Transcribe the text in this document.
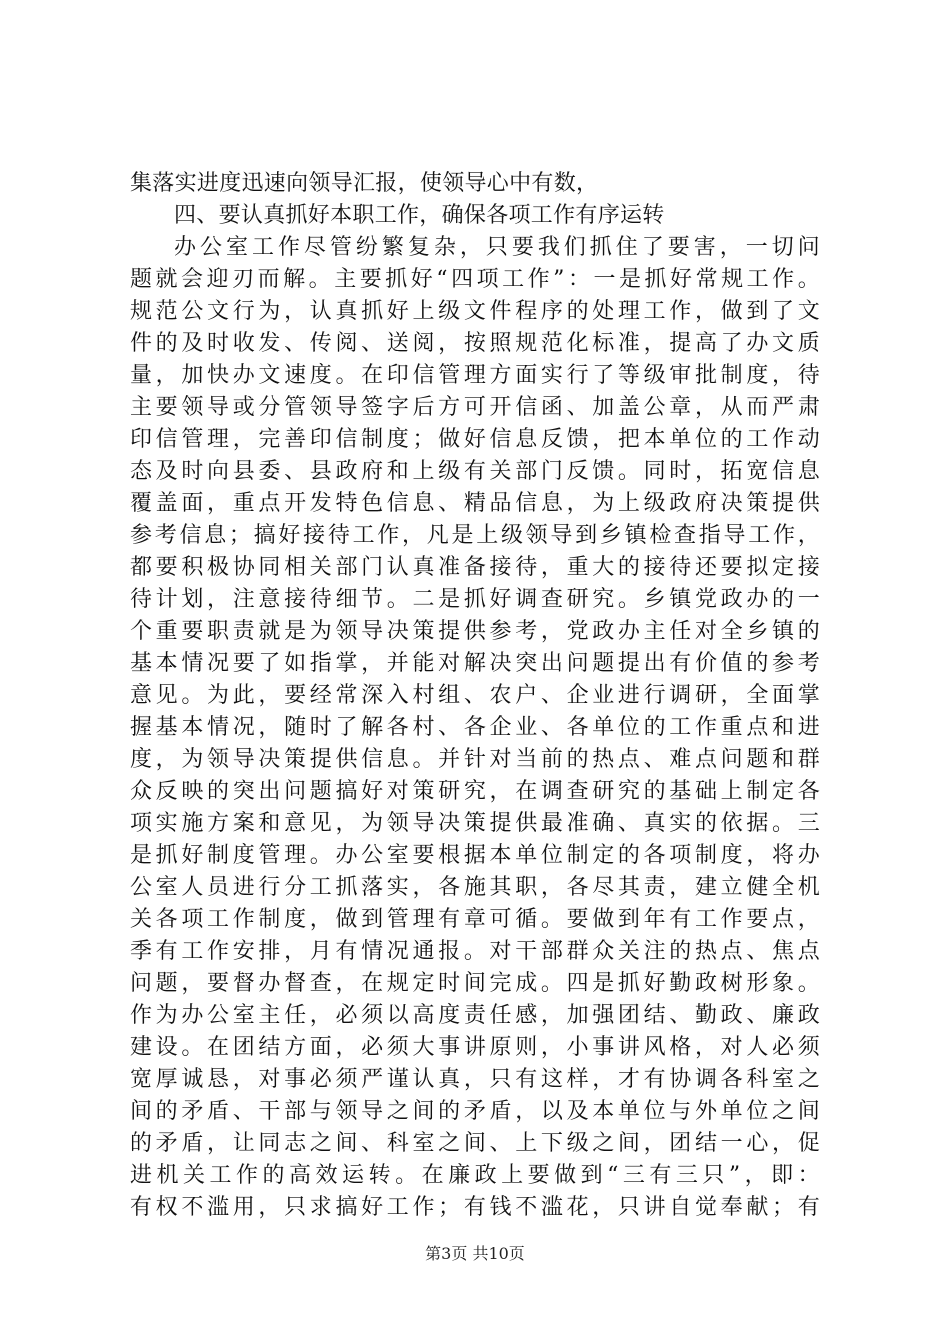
集落实进度迅速向领导汇报，使领导心中有数，
四、要认真抓好本职工作，确保各项工作有序运转
办公室工作尽管纷繁复杂，只要我们抓住了要害，一切问
题就会迎刃而解。主要抓好“四项工作”：一是抓好常规工作。
规范公文行为，认真抓好上级文件程序的处理工作，做到了文
件的及时收发、传阅、送阅，按照规范化标准，提高了办文质
量，加快办文速度。在印信管理方面实行了等级审批制度，待
主要领导或分管领导签字后方可开信函、加盖公章，从而严肃
印信管理，完善印信制度；做好信息反馈，把本单位的工作动
态及时向县委、县政府和上级有关部门反馈。同时，拓宽信息
覆盖面，重点开发特色信息、精品信息，为上级政府决策提供
参考信息；搞好接待工作，凡是上级领导到乡镇检查指导工作，
都要积极协同相关部门认真准备接待，重大的接待还要拟定接
待计划，注意接待细节。二是抓好调查研究。乡镇党政办的一
个重要职责就是为领导决策提供参考，党政办主任对全乡镇的
基本情况要了如指掌，并能对解决突出问题提出有价值的参考
意见。为此，要经常深入村组、农户、企业进行调研，全面掌
握基本情况，随时了解各村、各企业、各单位的工作重点和进
度，为领导决策提供信息。并针对当前的热点、难点问题和群
众反映的突出问题搞好对策研究，在调查研究的基础上制定各
项实施方案和意见，为领导决策提供最准确、真实的依据。三
是抓好制度管理。办公室要根据本单位制定的各项制度，将办
公室人员进行分工抓落实，各施其职，各尽其责，建立健全机
关各项工作制度，做到管理有章可循。要做到年有工作要点，
季有工作安排，月有情况通报。对干部群众关注的热点、焦点
问题，要督办督查，在规定时间完成。四是抓好勤政树形象。
作为办公室主任，必须以高度责任感，加强团结、勤政、廉政
建设。在团结方面，必须大事讲原则，小事讲风格，对人必须
宽厚诚恳，对事必须严谨认真，只有这样，才有协调各科室之
间的矛盾、干部与领导之间的矛盾，以及本单位与外单位之间
的矛盾，让同志之间、科室之间、上下级之间，团结一心，促
进机关工作的高效运转。在廉政上要做到“三有三只”，即：
有权不滥用，只求搞好工作；有钱不滥花，只讲自觉奉献；有
第3页 共10页
